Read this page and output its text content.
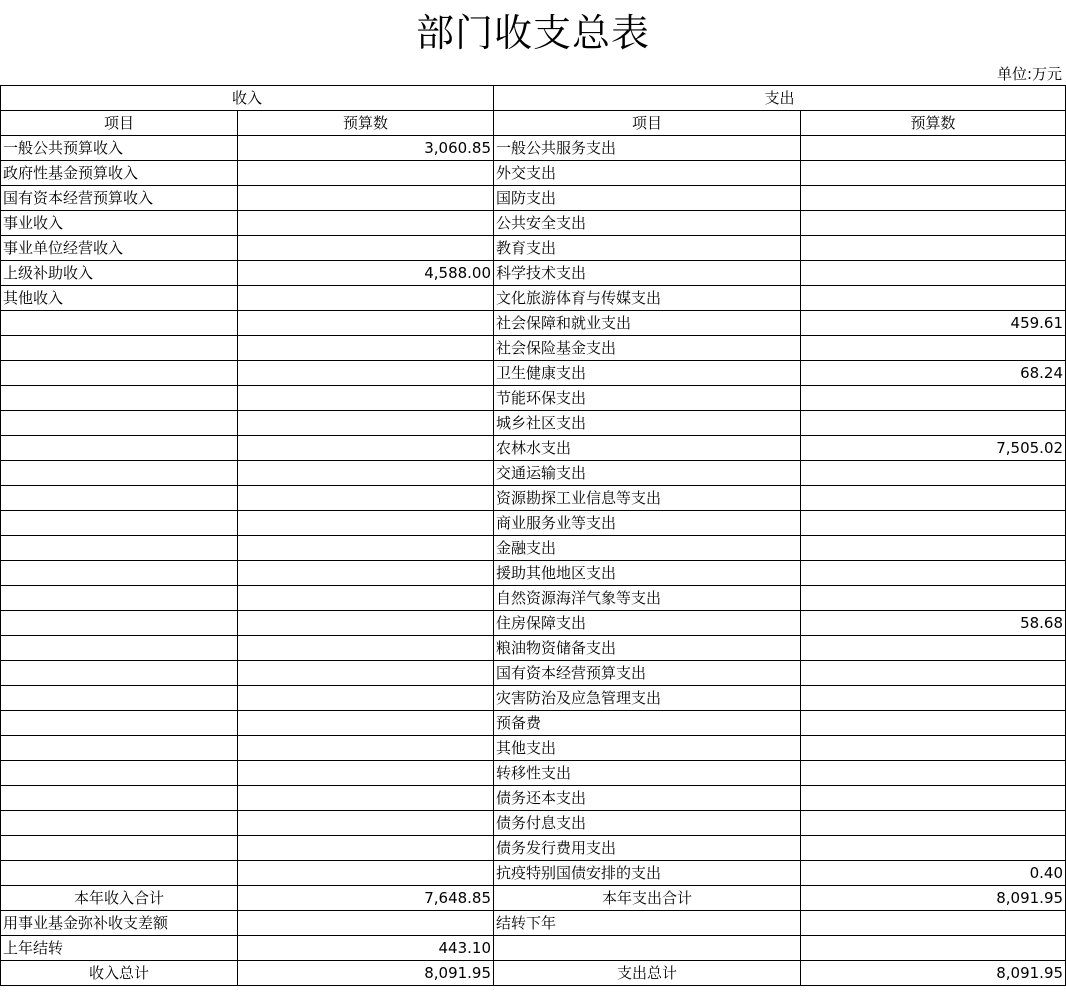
部门收支总表
单位:万元
收入		支出	
项目	预算数	项目	预算数
一般公共预算收入	3,060.85	一般公共服务支出	
政府性基金预算收入		外交支出	
国有资本经营预算收入		国防支出	
事业收入		公共安全支出	
事业单位经营收入		教育支出	
上级补助收入	4,588.00	科学技术支出	
其他收入		文化旅游体育与传媒支出	
		社会保障和就业支出	459.61
		社会保险基金支出	
		卫生健康支出	68.24
		节能环保支出	
		城乡社区支出	
		农林水支出	7,505.02
		交通运输支出	
		资源勘探工业信息等支出	
		商业服务业等支出	
		金融支出	
		援助其他地区支出	
		自然资源海洋气象等支出	
		住房保障支出	58.68
		粮油物资储备支出	
		国有资本经营预算支出	
		灾害防治及应急管理支出	
		预备费	
		其他支出	
		转移性支出	
		债务还本支出	
		债务付息支出	
		债务发行费用支出	
		抗疫特别国债安排的支出	0.40
本年收入合计	7,648.85	本年支出合计	8,091.95
用事业基金弥补收支差额		结转下年	
上年结转	443.10		
收入总计	8,091.95	支出总计	8,091.95
